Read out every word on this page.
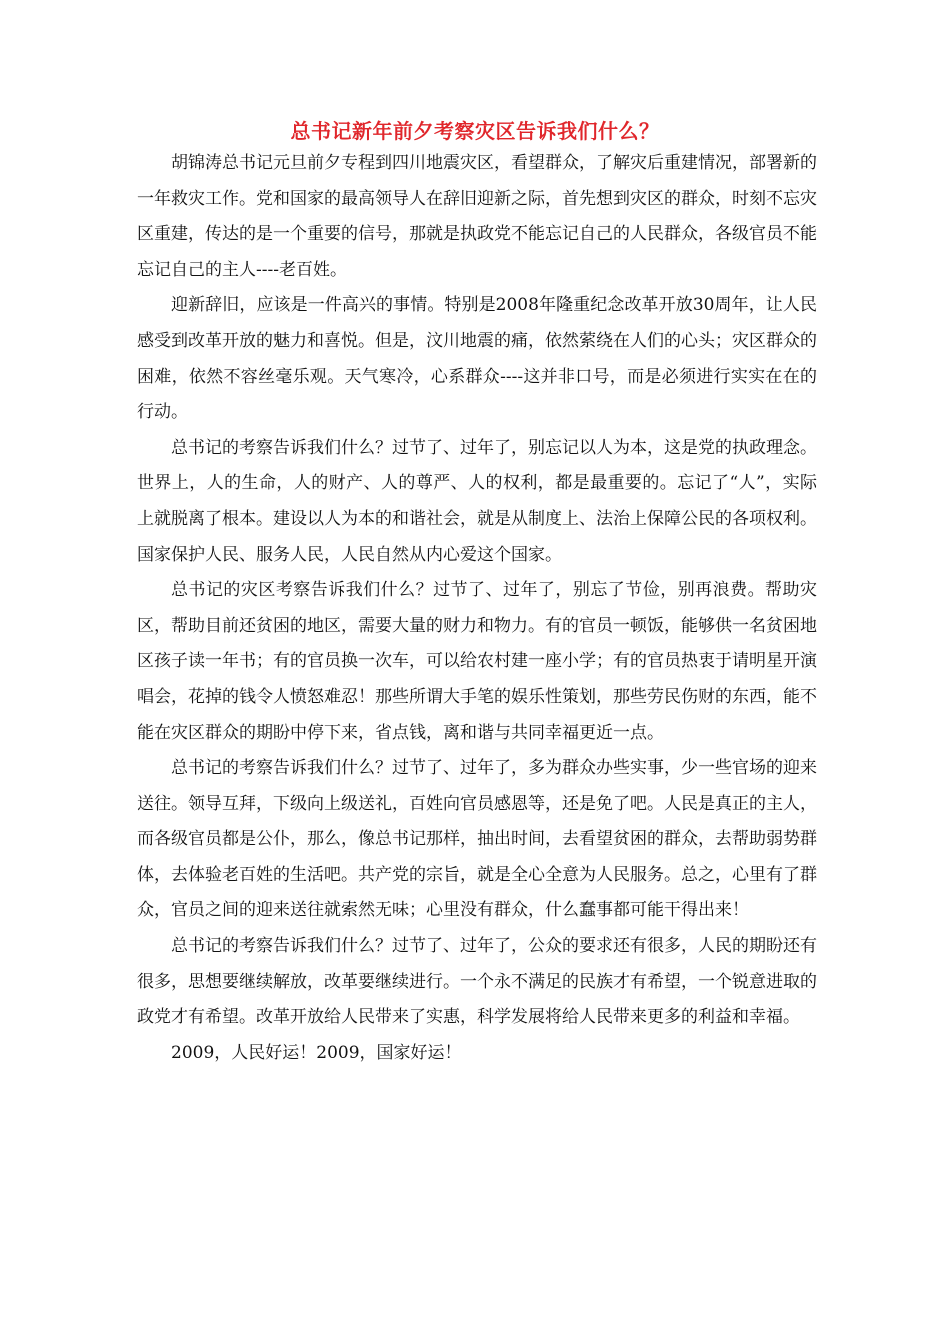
总书记新年前夕考察灾区告诉我们什么？

胡锦涛总书记元旦前夕专程到四川地震灾区，看望群众，了解灾后重建情况，部署新的一年救灾工作。党和国家的最高领导人在辞旧迎新之际，首先想到灾区的群众，时刻不忘灾区重建，传达的是一个重要的信号，那就是执政党不能忘记自己的人民群众，各级官员不能忘记自己的主人----老百姓。

迎新辞旧，应该是一件高兴的事情。特别是2008年隆重纪念改革开放30周年，让人民感受到改革开放的魅力和喜悦。但是，汶川地震的痛，依然萦绕在人们的心头；灾区群众的困难，依然不容丝毫乐观。天气寒冷，心系群众----这并非口号，而是必须进行实实在在的行动。

总书记的考察告诉我们什么？过节了、过年了，别忘记以人为本，这是党的执政理念。世界上，人的生命，人的财产、人的尊严、人的权利，都是最重要的。忘记了“人”，实际上就脱离了根本。建设以人为本的和谐社会，就是从制度上、法治上保障公民的各项权利。国家保护人民、服务人民，人民自然从内心爱这个国家。

总书记的灾区考察告诉我们什么？过节了、过年了，别忘了节俭，别再浪费。帮助灾区，帮助目前还贫困的地区，需要大量的财力和物力。有的官员一顿饭，能够供一名贫困地区孩子读一年书；有的官员换一次车，可以给农村建一座小学；有的官员热衷于请明星开演唱会，花掉的钱令人愤怒难忍！那些所谓大手笔的娱乐性策划，那些劳民伤财的东西，能不能在灾区群众的期盼中停下来，省点钱，离和谐与共同幸福更近一点。

总书记的考察告诉我们什么？过节了、过年了，多为群众办些实事，少一些官场的迎来送往。领导互拜，下级向上级送礼，百姓向官员感恩等，还是免了吧。人民是真正的主人，而各级官员都是公仆，那么，像总书记那样，抽出时间，去看望贫困的群众，去帮助弱势群体，去体验老百姓的生活吧。共产党的宗旨，就是全心全意为人民服务。总之，心里有了群众，官员之间的迎来送往就索然无味；心里没有群众，什么蠢事都可能干得出来！

总书记的考察告诉我们什么？过节了、过年了，公众的要求还有很多，人民的期盼还有很多，思想要继续解放，改革要继续进行。一个永不满足的民族才有希望，一个锐意进取的政党才有希望。改革开放给人民带来了实惠，科学发展将给人民带来更多的利益和幸福。

2009，人民好运！2009，国家好运！
